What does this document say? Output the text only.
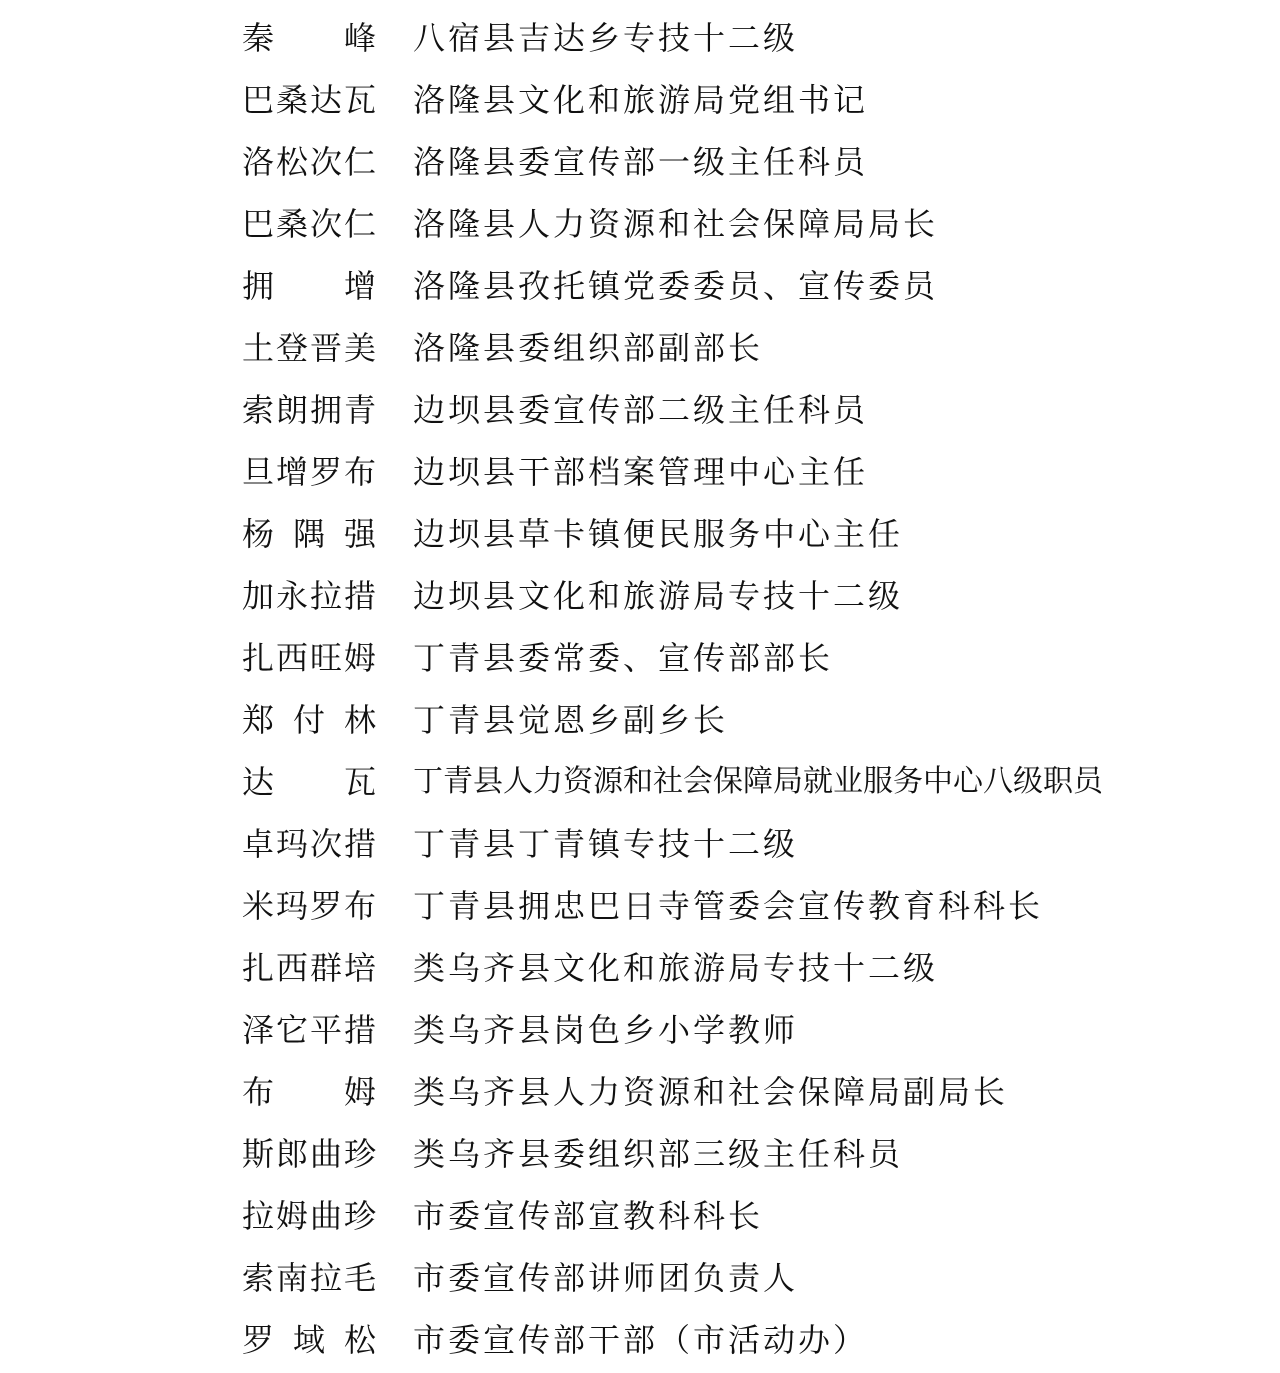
秦 峰 八宿县吉达乡专技十二级
巴 桑 达 瓦 洛隆县文化和旅游局党组书记
洛 松 次 仁 洛隆县委宣传部一级主任科员
巴 桑 次 仁 洛隆县人力资源和社会保障局局长
拥 增 洛隆县孜托镇党委委员、宣传委员
土 登 晋 美 洛隆县委组织部副部长
索 朗 拥 青 边坝县委宣传部二级主任科员
旦 增 罗 布 边坝县干部档案管理中心主任
杨 隅 强 边坝县草卡镇便民服务中心主任
加 永 拉 措 边坝县文化和旅游局专技十二级
扎 西 旺 姆 丁青县委常委、宣传部部长
郑 付 林 丁青县觉恩乡副乡长
达 瓦 丁青县人力资源和社会保障局就业服务中心八级职员
卓 玛 次 措 丁青县丁青镇专技十二级
米 玛 罗 布 丁青县拥忠巴日寺管委会宣传教育科科长
扎 西 群 培 类乌齐县文化和旅游局专技十二级
泽 它 平 措 类乌齐县岗色乡小学教师
布 姆 类乌齐县人力资源和社会保障局副局长
斯 郎 曲 珍 类乌齐县委组织部三级主任科员
拉 姆 曲 珍 市委宣传部宣教科科长
索 南 拉 毛 市委宣传部讲师团负责人
罗 域 松 市委宣传部干部（市活动办）
